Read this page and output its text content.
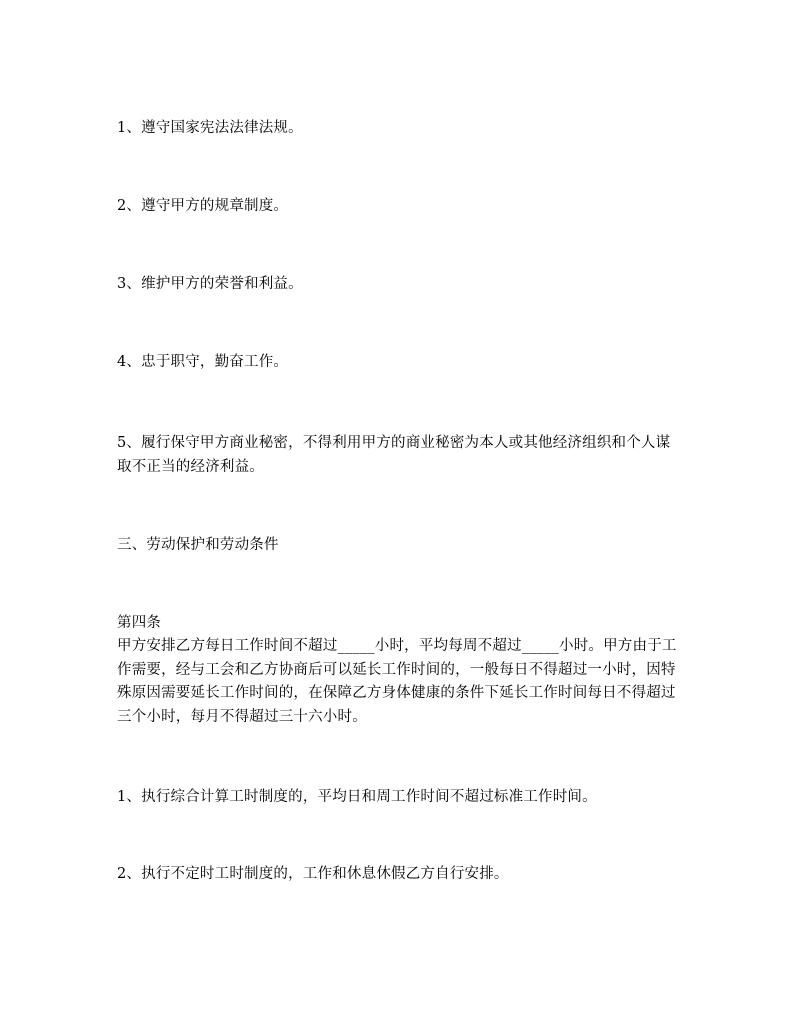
1、遵守国家宪法法律法规。
2、遵守甲方的规章制度。
3、维护甲方的荣誉和利益。
4、忠于职守，勤奋工作。
5、履行保守甲方商业秘密，不得利用甲方的商业秘密为本人或其他经济组织和个人谋取不正当的经济利益。
三、劳动保护和劳动条件
第四条
甲方安排乙方每日工作时间不超过_____小时，平均每周不超过_____小时。甲方由于工作需要，经与工会和乙方协商后可以延长工作时间的，一般每日不得超过一小时，因特殊原因需要延长工作时间的，在保障乙方身体健康的条件下延长工作时间每日不得超过三个小时，每月不得超过三十六小时。
1、执行综合计算工时制度的，平均日和周工作时间不超过标准工作时间。
2、执行不定时工时制度的，工作和休息休假乙方自行安排。
